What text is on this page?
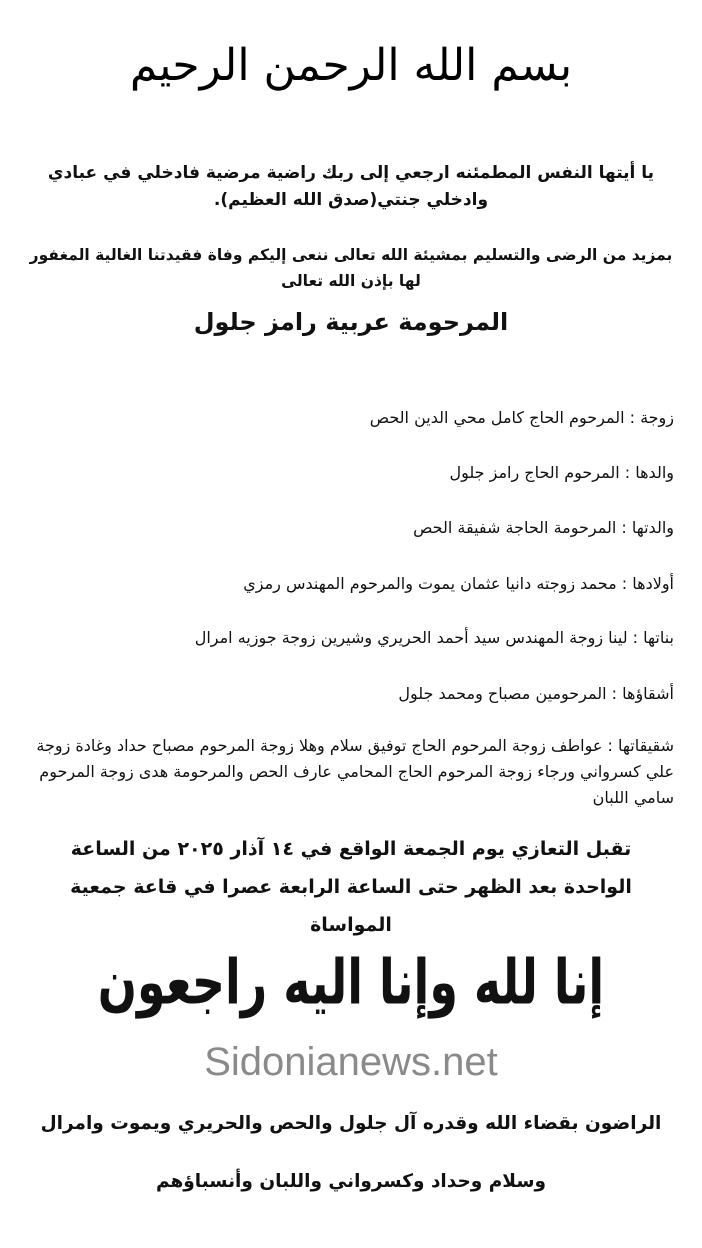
بسم الله الرحمن الرحيم
يا أيتها النفس المطمئنه ارجعي إلى ربك راضية مرضية فادخلي في عبادي وادخلي جنتي(صدق الله العظيم).
بمزيد من الرضى والتسليم بمشيئة الله تعالى ننعى إليكم وفاة فقيدتنا الغالية المغفور لها بإذن الله تعالى
المرحومة عربية رامز جلول
زوجة : المرحوم الحاج كامل محي الدين الحص
والدها : المرحوم الحاج رامز جلول
والدتها : المرحومة الحاجة شفيقة الحص
أولادها : محمد زوجته دانيا عثمان يموت والمرحوم المهندس رمزي
بناتها : لينا زوجة المهندس سيد أحمد الحريري وشيرين زوجة جوزيه امرال
أشقاؤها : المرحومين مصباح ومحمد جلول
شقيقاتها : عواطف زوجة المرحوم الحاج توفيق سلام وهلا زوجة المرحوم مصباح حداد وغادة زوجة علي كسرواني ورجاء زوجة المرحوم الحاج المحامي عارف الحص والمرحومة هدى زوجة المرحوم سامي اللبان
تقبل التعازي يوم الجمعة الواقع في ١٤ آذار ٢٠٢٥ من الساعة الواحدة بعد الظهر حتى الساعة الرابعة عصرا في قاعة جمعية المواساة
إنا لله وإنا اليه راجعون
Sidonianews.net
الراضون بقضاء الله وقدره آل جلول والحص والحريري ويموت وامرال
وسلام وحداد وكسرواني واللبان وأنسباؤهم
